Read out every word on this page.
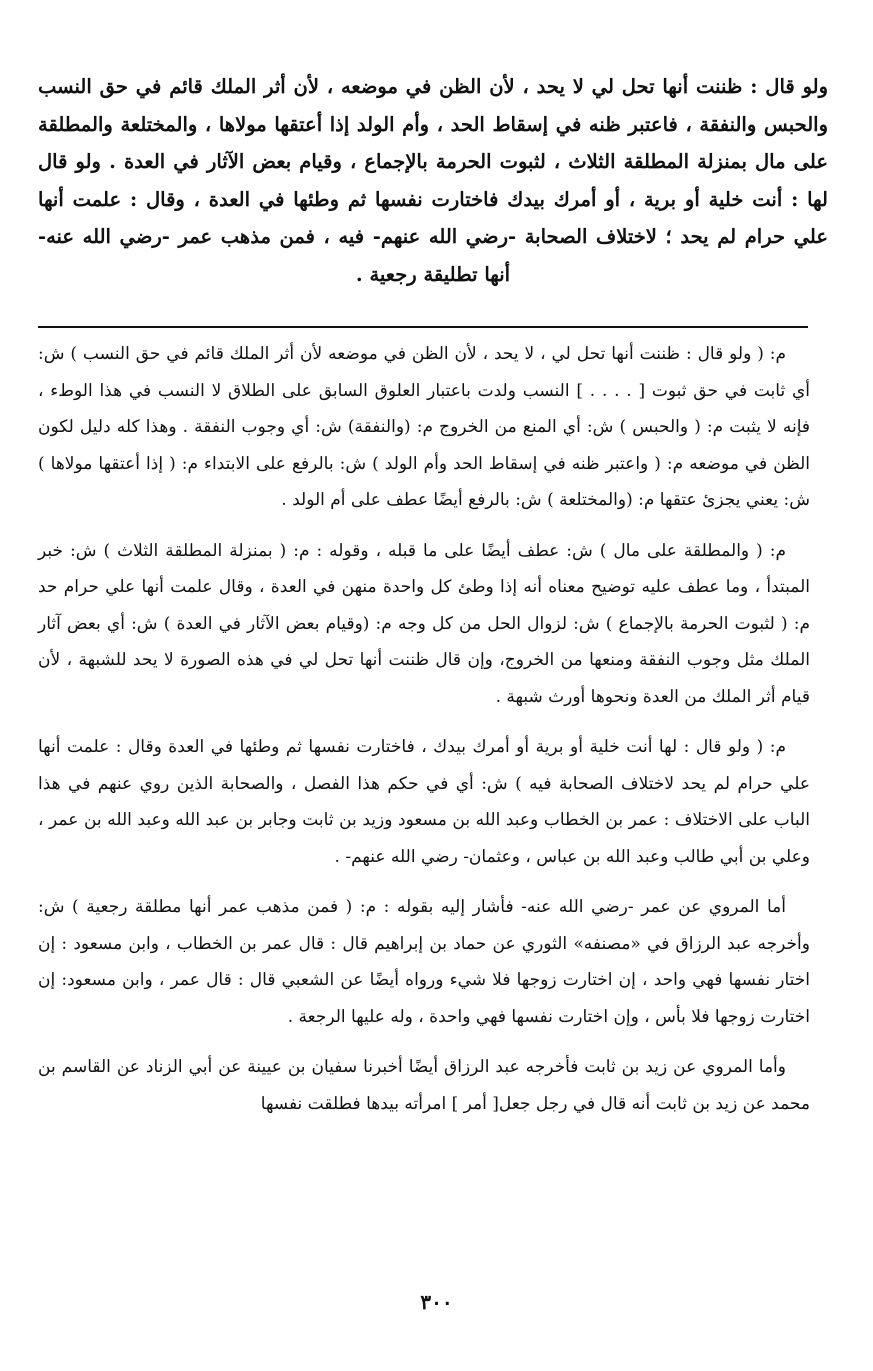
ولو قال : ظننت أنها تحل لي لا يحد ، لأن الظن في موضعه ، لأن أثر الملك قائم في حق النسب والحبس والنفقة ، فاعتبر ظنه في إسقاط الحد ، وأم الولد إذا أعتقها مولاها ، والمختلعة والمطلقة على مال بمنزلة المطلقة الثلاث ، لثبوت الحرمة بالإجماع ، وقيام بعض الآثار في العدة . ولو قال لها : أنت خلية أو برية ، أو أمرك بيدك فاختارت نفسها ثم وطئها في العدة ، وقال : علمت أنها علي حرام لم يحد ؛ لاختلاف الصحابة -رضي الله عنهم- فيه ، فمن مذهب عمر -رضي الله عنه- أنها تطليقة رجعية .

م: ( ولو قال : ظننت أنها تحل لي ، لا يحد ، لأن الظن في موضعه لأن أثر الملك قائم في حق النسب ) ش: أي ثابت في حق ثبوت [ . . . . ] النسب ولدت باعتبار العلوق السابق على الطلاق لا النسب في هذا الوطء ، فإنه لا يثبت م: ( والحبس ) ش: أي المنع من الخروج م: (والنفقة) ش: أي وجوب النفقة . وهذا كله دليل لكون الظن في موضعه م: ( واعتبر ظنه في إسقاط الحد وأم الولد ) ش: بالرفع على الابتداء م: ( إذا أعتقها مولاها ) ش: يعني يجزئ عتقها م: (والمختلعة ) ش: بالرفع أيضًا عطف على أم الولد .

م: ( والمطلقة على مال ) ش: عطف أيضًا على ما قبله ، وقوله : م: ( بمنزلة المطلقة الثلاث ) ش: خبر المبتدأ ، وما عطف عليه توضيح معناه أنه إذا وطئ كل واحدة منهن في العدة ، وقال علمت أنها علي حرام حد م: ( لثبوت الحرمة بالإجماع ) ش: لزوال الحل من كل وجه م: (وقيام بعض الآثار في العدة ) ش: أي بعض آثار الملك مثل وجوب النفقة ومنعها من الخروج، وإن قال ظننت أنها تحل لي في هذه الصورة لا يحد للشبهة ، لأن قيام أثر الملك من العدة ونحوها أورث شبهة .

م: ( ولو قال : لها أنت خلية أو برية أو أمرك بيدك ، فاختارت نفسها ثم وطئها في العدة وقال : علمت أنها علي حرام لم يحد لاختلاف الصحابة فيه ) ش: أي في حكم هذا الفصل ، والصحابة الذين روي عنهم في هذا الباب على الاختلاف : عمر بن الخطاب وعبد الله بن مسعود وزيد بن ثابت وجابر بن عبد الله وعبد الله بن عمر ، وعلي بن أبي طالب وعبد الله بن عباس ، وعثمان- رضي الله عنهم- .

أما المروي عن عمر -رضي الله عنه- فأشار إليه بقوله : م: ( فمن مذهب عمر أنها مطلقة رجعية ) ش: وأخرجه عبد الرزاق في «مصنفه» الثوري عن حماد بن إبراهيم قال : قال عمر بن الخطاب ، وابن مسعود : إن اختار نفسها فهي واحد ، إن اختارت زوجها فلا شيء ورواه أيضًا عن الشعبي قال : قال عمر ، وابن مسعود: إن اختارت زوجها فلا بأس ، وإن اختارت نفسها فهي واحدة ، وله عليها الرجعة .

وأما المروي عن زيد بن ثابت فأخرجه عبد الرزاق أيضًا أخبرنا سفيان بن عيينة عن أبي الزناد عن القاسم بن محمد عن زيد بن ثابت أنه قال في رجل جعل[ أمر ] امرأته بيدها فطلقت نفسها

٣٠٠
